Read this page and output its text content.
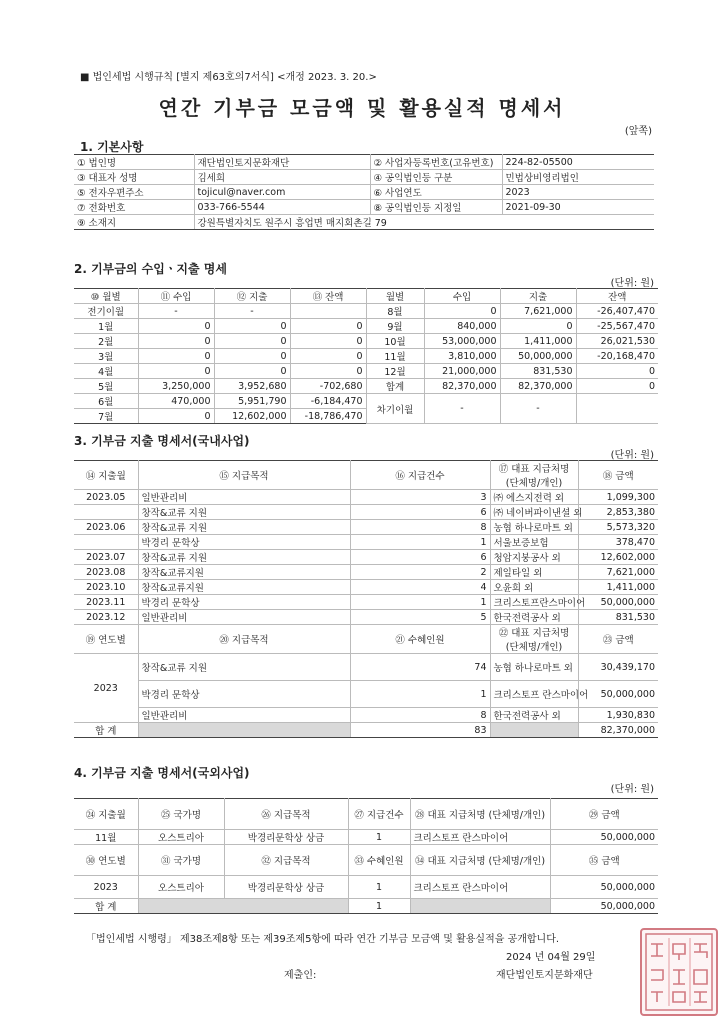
■ 법인세법 시행규칙 [별지 제63호의7서식] <개정 2023. 3. 20.>
연간 기부금 모금액 및 활용실적 명세서
(앞쪽)
1. 기본사항
① 법인명	재단법인토지문화재단	② 사업자등록번호(고유번호)	224-82-05500
③ 대표자 성명	김세희	④ 공익법인등 구분	민법상비영리법인
⑤ 전자우편주소	tojicul@naver.com	⑥ 사업연도	2023
⑦ 전화번호	033-766-5544	⑧ 공익법인등 지정일	2021-09-30
⑨ 소재지	강원특별자치도 원주시 흥업면 매지회촌길 79		
2. 기부금의 수입ㆍ지출 명세
(단위: 원)
⑩ 월별	⑪ 수입	⑫ 지출	⑬ 잔액	월별	수입	지출	잔액
전기이월	-	-		8월	0	7,621,000	-26,407,470
1월	0	0	0	9월	840,000	0	-25,567,470
2월	0	0	0	10월	53,000,000	1,411,000	26,021,530
3월	0	0	0	11월	3,810,000	50,000,000	-20,168,470
4월	0	0	0	12월	21,000,000	831,530	0
5월	3,250,000	3,952,680	-702,680	합계	82,370,000	82,370,000	0
6월	470,000	5,951,790	-6,184,470	차기이월	-	-	
7월	0	12,602,000	-18,786,470				
3. 기부금 지출 명세서(국내사업)
(단위: 원)
⑭ 지출월	⑮ 지급목적	⑯ 지급건수	⑰ 대표 지급처명 (단체명/개인)	⑱ 금액
2023.05	일반관리비	3	㈜ 에스지전력 외	1,099,300
	창작&교류 지원	6	㈜ 네이버파이낸셜 외	2,853,380
2023.06	창작&교류 지원	8	농협 하나로마트 외	5,573,320
	박경리 문학상	1	서울보증보험	378,470
2023.07	창작&교류 지원	6	청암지붕공사 외	12,602,000
2023.08	창작&교류지원	2	제일타일 외	7,621,000
2023.10	창작&교류지원	4	오윤희 외	1,411,000
2023.11	박경리 문학상	1	크리스토프란스마이어	50,000,000
2023.12	일반관리비	5	한국전력공사 외	831,530
⑲ 연도별	⑳ 지급목적	㉑ 수혜인원	㉒ 대표 지급처명 (단체명/개인)	㉓ 금액
2023	창작&교류 지원	74	농협 하나로마트 외	30,439,170
	박경리 문학상	1	크리스토프 란스마이어	50,000,000
	일반관리비	8	한국전력공사 외	1,930,830
합 계		83		82,370,000
4. 기부금 지출 명세서(국외사업)
(단위: 원)
㉔ 지출월	㉕ 국가명	㉖ 지급목적	㉗ 지급건수	㉘ 대표 지급처명 (단체명/개인)	㉙ 금액
11월	오스트리아	박경리문학상 상금	1	크리스토프 란스마이어	50,000,000
㉚ 연도별	㉛ 국가명	㉜ 지급목적	㉝ 수혜인원	㉞ 대표 지급처명 (단체명/개인)	㉟ 금액
2023	오스트리아	박경리문학상 상금	1	크리스토프 란스마이어	50,000,000
합 계			1		50,000,000
「법인세법 시행령」 제38조제8항 또는 제39조제5항에 따라 연간 기부금 모금액 및 활용실적을 공개합니다.
2024 년 04월 29일
제출인:	재단법인토지문화재단
